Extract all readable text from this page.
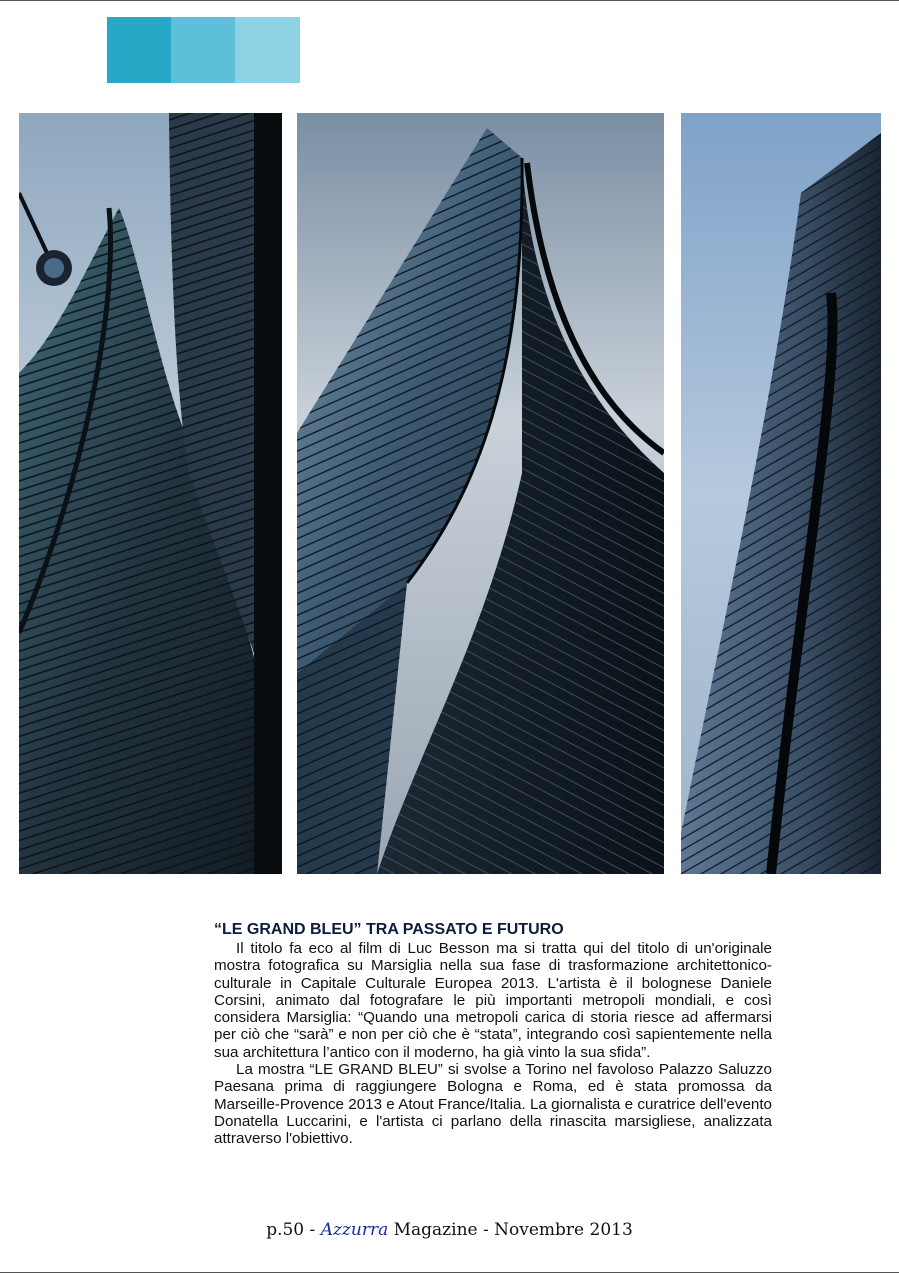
“LE GRAND BLEU” TRA PASSATO E FUTURO

Il titolo fa eco al film di Luc Besson ma si tratta qui del titolo di un'originale mostra fotografica su Marsiglia nella sua fase di trasformazione architettonico-culturale in Capitale Culturale Europea 2013. L'artista è il bolognese Daniele Corsini, animato dal fotografare le più importanti metropoli mondiali, e così considera Marsiglia: “Quando una metropoli carica di storia riesce ad affermarsi per ciò che “sarà” e non per ciò che è “stata”, integrando così sapientemente nella sua architettura l’antico con il moderno, ha già vinto la sua sfida”.

La mostra “LE GRAND BLEU” si svolse a Torino nel favoloso Palazzo Saluzzo Paesana prima di raggiungere Bologna e Roma, ed è stata promossa da Marseille-Provence 2013 e Atout France/Italia. La giornalista e curatrice dell'evento Donatella Luccarini, e l'artista ci parlano della rinascita marsigliese, analizzata attraverso l'obiettivo.

p.50 - Azzurra Magazine - Novembre 2013
